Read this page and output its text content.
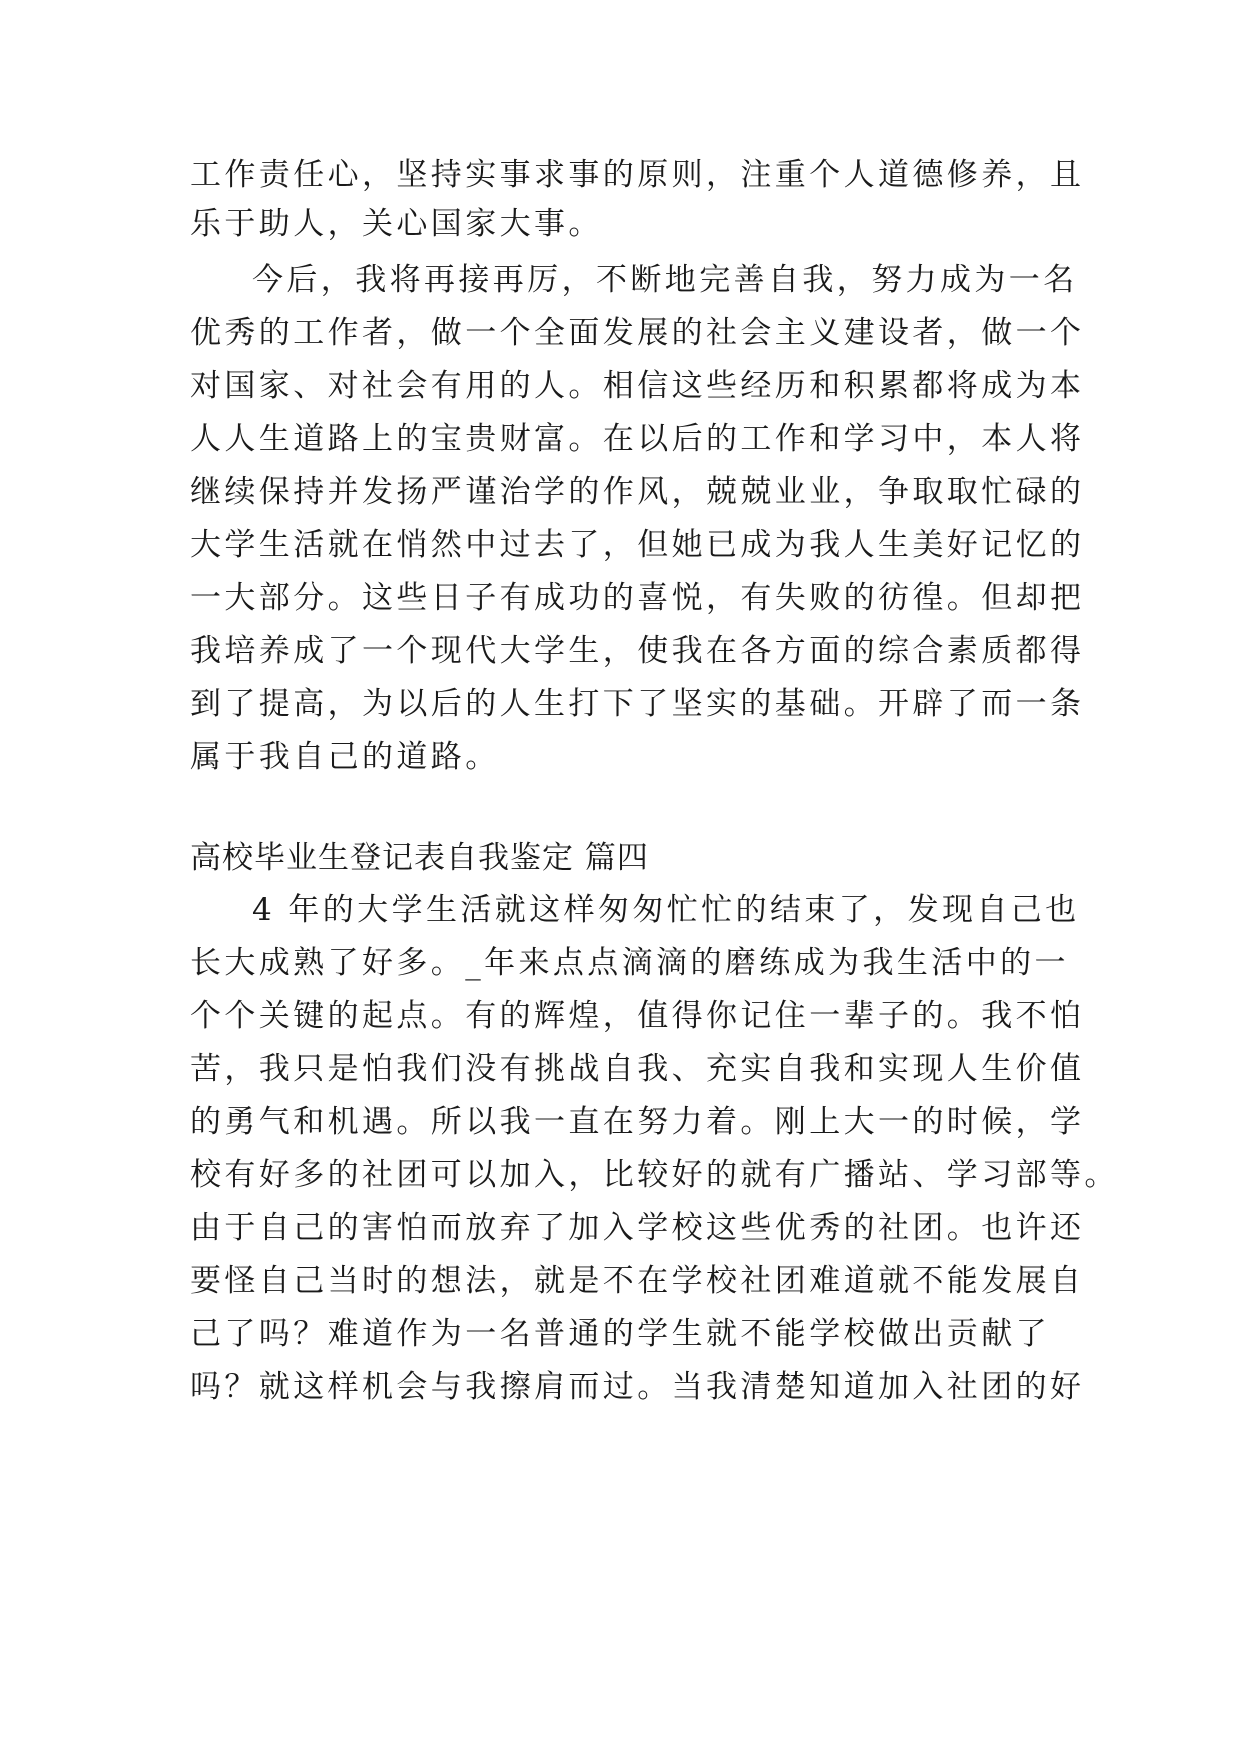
工作责任心，坚持实事求事的原则，注重个人道德修养，且
乐于助人，关心国家大事。
今后，我将再接再厉，不断地完善自我，努力成为一名
优秀的工作者，做一个全面发展的社会主义建设者，做一个
对国家、对社会有用的人。相信这些经历和积累都将成为本
人人生道路上的宝贵财富。在以后的工作和学习中，本人将
继续保持并发扬严谨治学的作风，兢兢业业，争取取忙碌的
大学生活就在悄然中过去了，但她已成为我人生美好记忆的
一大部分。这些日子有成功的喜悦，有失败的彷徨。但却把
我培养成了一个现代大学生，使我在各方面的综合素质都得
到了提高，为以后的人生打下了坚实的基础。开辟了而一条
属于我自己的道路。
高校毕业生登记表自我鉴定 篇四
4 年的大学生活就这样匆匆忙忙的结束了，发现自己也
长大成熟了好多。_年来点点滴滴的磨练成为我生活中的一
个个关键的起点。有的辉煌，值得你记住一辈子的。我不怕
苦，我只是怕我们没有挑战自我、充实自我和实现人生价值
的勇气和机遇。所以我一直在努力着。刚上大一的时候，学
校有好多的社团可以加入，比较好的就有广播站、学习部等。
由于自己的害怕而放弃了加入学校这些优秀的社团。也许还
要怪自己当时的想法，就是不在学校社团难道就不能发展自
己了吗？难道作为一名普通的学生就不能学校做出贡献了
吗？就这样机会与我擦肩而过。当我清楚知道加入社团的好
